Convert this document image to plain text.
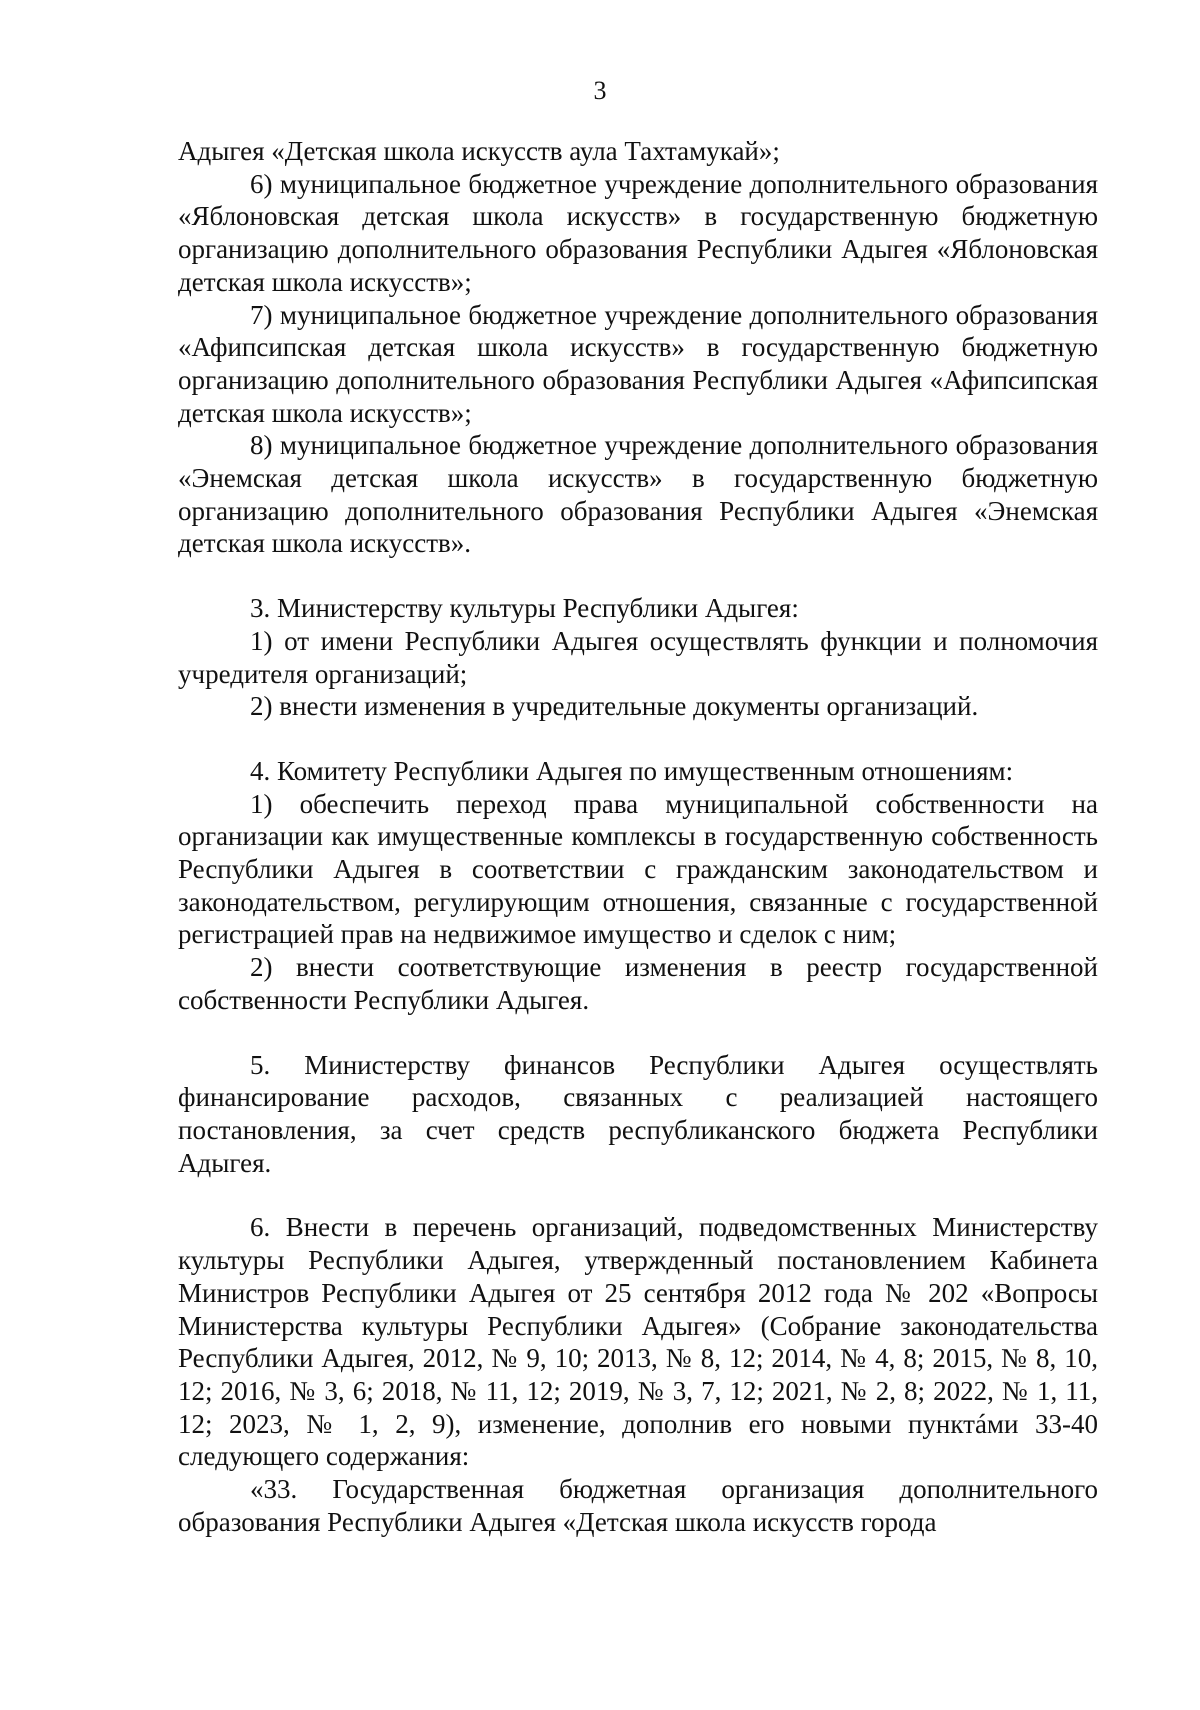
3

Адыгея «Детская школа искусств аула Тахтамукай»;

6) муниципальное бюджетное учреждение дополнительного образования «Яблоновская детская школа искусств» в государственную бюджетную организацию дополнительного образования Республики Адыгея «Яблоновская детская школа искусств»;

7) муниципальное бюджетное учреждение дополнительного образования «Афипсипская детская школа искусств» в государственную бюджетную организацию дополнительного образования Республики Адыгея «Афипсипская детская школа искусств»;

8) муниципальное бюджетное учреждение дополнительного образования «Энемская детская школа искусств» в государственную бюджетную организацию дополнительного образования Республики Адыгея «Энемская детская школа искусств».

3. Министерству культуры Республики Адыгея:

1) от имени Республики Адыгея осуществлять функции и полномочия учредителя организаций;

2) внести изменения в учредительные документы организаций.

4. Комитету Республики Адыгея по имущественным отношениям:

1) обеспечить переход права муниципальной собственности на организации как имущественные комплексы в государственную собственность Республики Адыгея в соответствии с гражданским законодательством и законодательством, регулирующим отношения, связанные с государственной регистрацией прав на недвижимое имущество и сделок с ним;

2) внести соответствующие изменения в реестр государственной собственности Республики Адыгея.

5. Министерству финансов Республики Адыгея осуществлять финансирование расходов, связанных с реализацией настоящего постановления, за счет средств республиканского бюджета Республики Адыгея.

6. Внести в перечень организаций, подведомственных Министерству культуры Республики Адыгея, утвержденный постановлением Кабинета Министров Республики Адыгея от 25 сентября 2012 года № 202 «Вопросы Министерства культуры Республики Адыгея» (Собрание законодательства Республики Адыгея, 2012, № 9, 10; 2013, № 8, 12; 2014, № 4, 8; 2015, № 8, 10, 12; 2016, № 3, 6; 2018, № 11, 12; 2019, № 3, 7, 12; 2021, № 2, 8; 2022, № 1, 11, 12; 2023, № 1, 2, 9), изменение, дополнив его новыми пунктáми 33-40 следующего содержания:

«33. Государственная бюджетная организация дополнительного образования Республики Адыгея «Детская школа искусств города
